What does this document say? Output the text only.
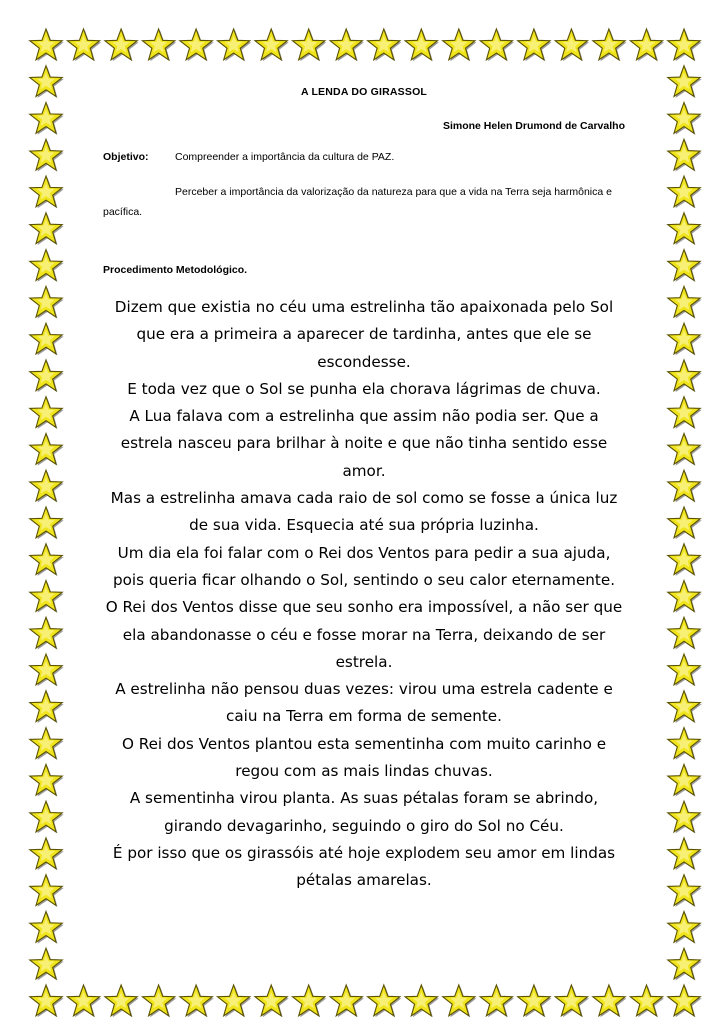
A LENDA DO GIRASSOL
Simone Helen Drumond de Carvalho
Objetivo:	Compreender a importância da cultura de PAZ.
Perceber a importância da valorização da natureza para que a vida na Terra seja harmônica e pacífica.
Procedimento Metodológico.

Dizem que existia no céu uma estrelinha tão apaixonada pelo Sol que era a primeira a aparecer de tardinha, antes que ele se escondesse.

E toda vez que o Sol se punha ela chorava lágrimas de chuva.

A Lua falava com a estrelinha que assim não podia ser. Que a estrela nasceu para brilhar à noite e que não tinha sentido esse amor.

Mas a estrelinha amava cada raio de sol como se fosse a única luz de sua vida. Esquecia até sua própria luzinha.

Um dia ela foi falar com o Rei dos Ventos para pedir a sua ajuda, pois queria ficar olhando o Sol, sentindo o seu calor eternamente.

O Rei dos Ventos disse que seu sonho era impossível, a não ser que ela abandonasse o céu e fosse morar na Terra, deixando de ser estrela.

A estrelinha não pensou duas vezes: virou uma estrela cadente e caiu na Terra em forma de semente.

O Rei dos Ventos plantou esta sementinha com muito carinho e regou com as mais lindas chuvas.

A sementinha virou planta. As suas pétalas foram se abrindo, girando devagarinho, seguindo o giro do Sol no Céu.

É por isso que os girassóis até hoje explodem seu amor em lindas pétalas amarelas.
